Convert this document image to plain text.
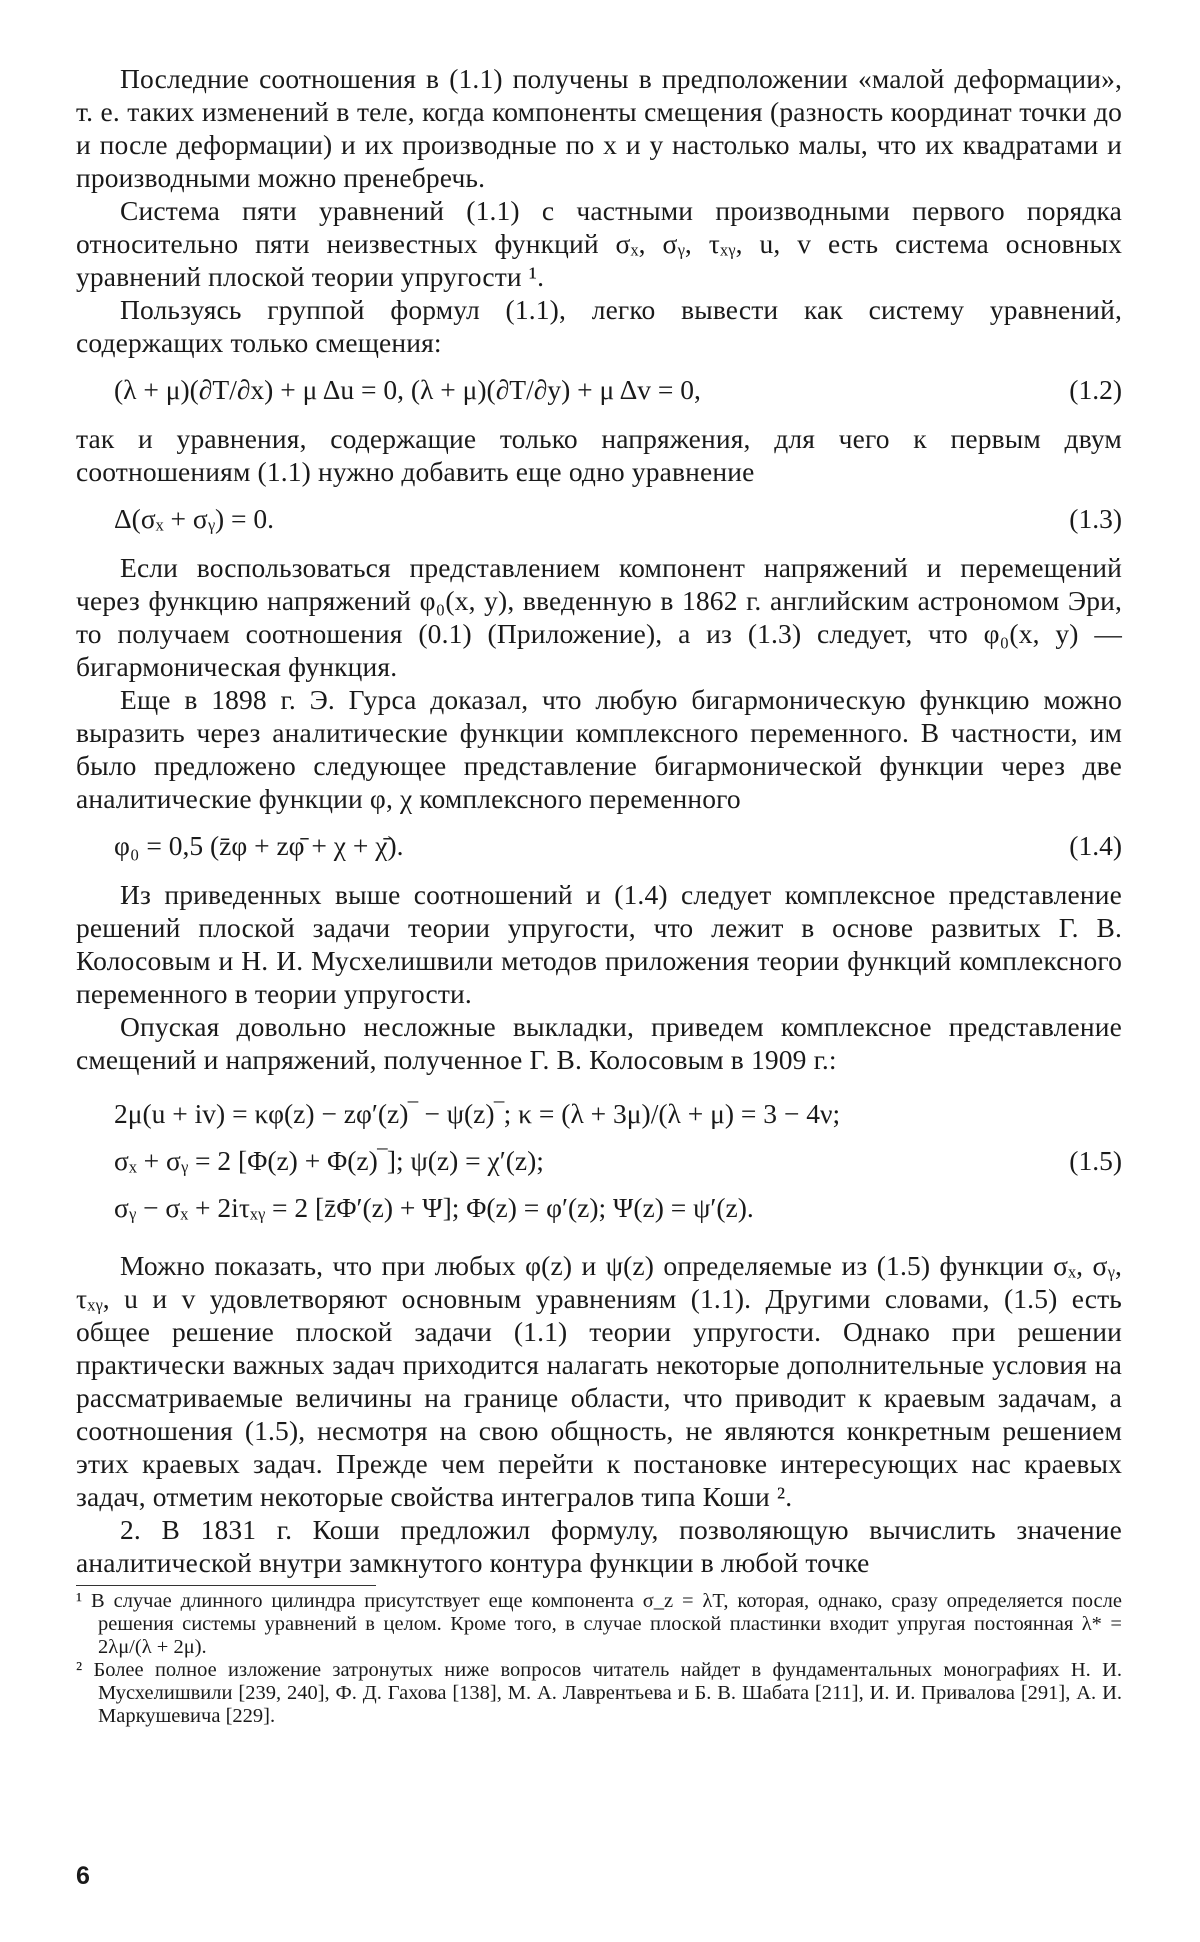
Последние соотношения в (1.1) получены в предположении «малой деформации», т. е. таких изменений в теле, когда компоненты смещения (разность координат точки до и после деформации) и их производные по x и y настолько малы, что их квадратами и производными можно пренебречь.

Система пяти уравнений (1.1) с частными производными первого порядка относительно пяти неизвестных функций σₓ, σᵧ, τₓᵧ, u, v есть система основных уравнений плоской теории упругости ¹.

Пользуясь группой формул (1.1), легко вывести как систему уравнений, содержащих только смещения:

(λ + μ)(∂T/∂x) + μ Δu = 0, (λ + μ)(∂T/∂y) + μ Δv = 0,	(1.2)

так и уравнения, содержащие только напряжения, для чего к первым двум соотношениям (1.1) нужно добавить еще одно уравнение

Δ(σₓ + σᵧ) = 0.	(1.3)

Если воспользоваться представлением компонент напряжений и перемещений через функцию напряжений φ₀(x, y), введенную в 1862 г. английским астрономом Эри, то получаем соотношения (0.1) (Приложение), а из (1.3) следует, что φ₀(x, y) — бигармоническая функция.

Еще в 1898 г. Э. Гурса доказал, что любую бигармоническую функцию можно выразить через аналитические функции комплексного переменного. В частности, им было предложено следующее представление бигармонической функции через две аналитические функции φ, χ комплексного переменного

φ₀ = 0,5 (z̄φ + zφ̄ + χ + χ̄).	(1.4)

Из приведенных выше соотношений и (1.4) следует комплексное представление решений плоской задачи теории упругости, что лежит в основе развитых Г. В. Колосовым и Н. И. Мусхелишвили методов приложения теории функций комплексного переменного в теории упругости.

Опуская довольно несложные выкладки, приведем комплексное представление смещений и напряжений, полученное Г. В. Колосовым в 1909 г.:

2μ(u + iv) = κφ(z) − zφ′(z)‾ − ψ(z)‾; κ = (λ + 3μ)/(λ + μ) = 3 − 4ν;
σₓ + σᵧ = 2 [Φ(z) + Φ(z)‾]; ψ(z) = χ′(z);
σᵧ − σₓ + 2iτₓᵧ = 2 [z̄Φ′(z) + Ψ]; Φ(z) = φ′(z); Ψ(z) = ψ′(z).
(1.5)

Можно показать, что при любых φ(z) и ψ(z) определяемые из (1.5) функции σₓ, σᵧ, τₓᵧ, u и v удовлетворяют основным уравнениям (1.1). Другими словами, (1.5) есть общее решение плоской задачи (1.1) теории упругости. Однако при решении практически важных задач приходится налагать некоторые дополнительные условия на рассматриваемые величины на границе области, что приводит к краевым задачам, а соотношения (1.5), несмотря на свою общность, не являются конкретным решением этих краевых задач. Прежде чем перейти к постановке интересующих нас краевых задач, отметим некоторые свойства интегралов типа Коши ².

2. В 1831 г. Коши предложил формулу, позволяющую вычислить значение аналитической внутри замкнутого контура функции в любой точке

¹ В случае длинного цилиндра присутствует еще компонента σ_z = λT, которая, однако, сразу определяется после решения системы уравнений в целом. Кроме того, в случае плоской пластинки входит упругая постоянная λ* = 2λμ/(λ + 2μ).

² Более полное изложение затронутых ниже вопросов читатель найдет в фундаментальных монографиях Н. И. Мусхелишвили [239, 240], Ф. Д. Гахова [138], М. А. Лаврентьева и Б. В. Шабата [211], И. И. Привалова [291], А. И. Маркушевича [229].

6
